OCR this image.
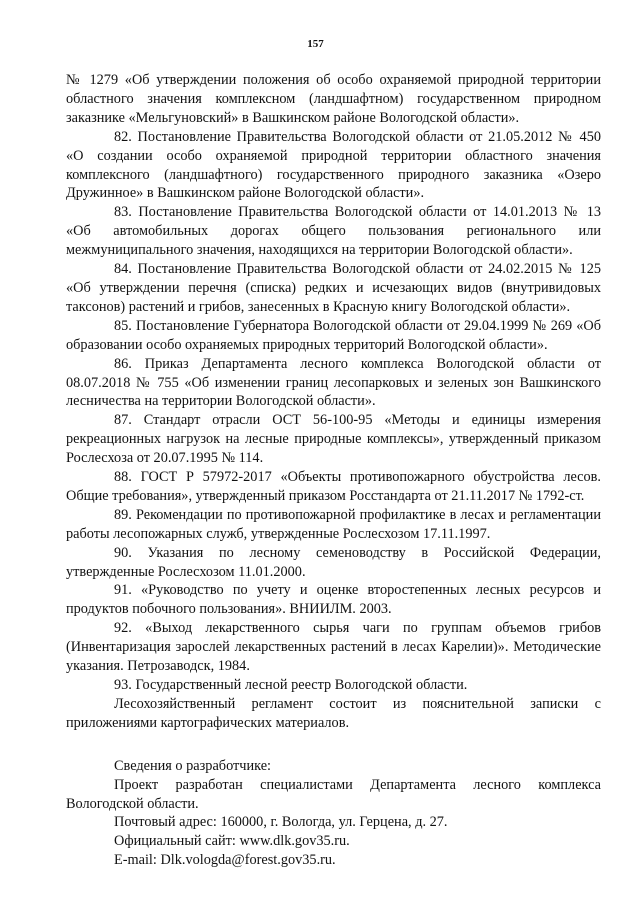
157

№ 1279 «Об утверждении положения об особо охраняемой природной территории областного значения комплексном (ландшафтном) государственном природном заказнике «Мельгуновский» в Вашкинском районе Вологодской области».

82. Постановление Правительства Вологодской области от 21.05.2012 № 450 «О создании особо охраняемой природной территории областного значения комплексного (ландшафтного) государственного природного заказника «Озеро Дружинное» в Вашкинском районе Вологодской области».

83. Постановление Правительства Вологодской области от 14.01.2013 № 13 «Об автомобильных дорогах общего пользования регионального или межмуниципального значения, находящихся на территории Вологодской области».

84. Постановление Правительства Вологодской области от 24.02.2015 № 125 «Об утверждении перечня (списка) редких и исчезающих видов (внутривидовых таксонов) растений и грибов, занесенных в Красную книгу Вологодской области».

85. Постановление Губернатора Вологодской области от 29.04.1999 № 269 «Об образовании особо охраняемых природных территорий Вологодской области».

86. Приказ Департамента лесного комплекса Вологодской области от 08.07.2018 № 755 «Об изменении границ лесопарковых и зеленых зон Вашкинского лесничества на территории Вологодской области».

87. Стандарт отрасли ОСТ 56-100-95 «Методы и единицы измерения рекреационных нагрузок на лесные природные комплексы», утвержденный приказом Рослесхоза от 20.07.1995 № 114.

88. ГОСТ Р 57972-2017 «Объекты противопожарного обустройства лесов. Общие требования», утвержденный приказом Росстандарта от 21.11.2017 № 1792-ст.

89. Рекомендации по противопожарной профилактике в лесах и регламентации работы лесопожарных служб, утвержденные Рослесхозом 17.11.1997.

90. Указания по лесному семеноводству в Российской Федерации, утвержденные Рослесхозом 11.01.2000.

91. «Руководство по учету и оценке второстепенных лесных ресурсов и продуктов побочного пользования». ВНИИЛМ. 2003.

92. «Выход лекарственного сырья чаги по группам объемов грибов (Инвентаризация зарослей лекарственных растений в лесах Карелии)». Методические указания. Петрозаводск, 1984.

93. Государственный лесной реестр Вологодской области.

Лесохозяйственный регламент состоит из пояснительной записки с приложениями картографических материалов.

Сведения о разработчике:

Проект разработан специалистами Департамента лесного комплекса Вологодской области.

Почтовый адрес: 160000, г. Вологда, ул. Герцена, д. 27.

Официальный сайт: www.dlk.gov35.ru.

E-mail: Dlk.vologda@forest.gov35.ru.
